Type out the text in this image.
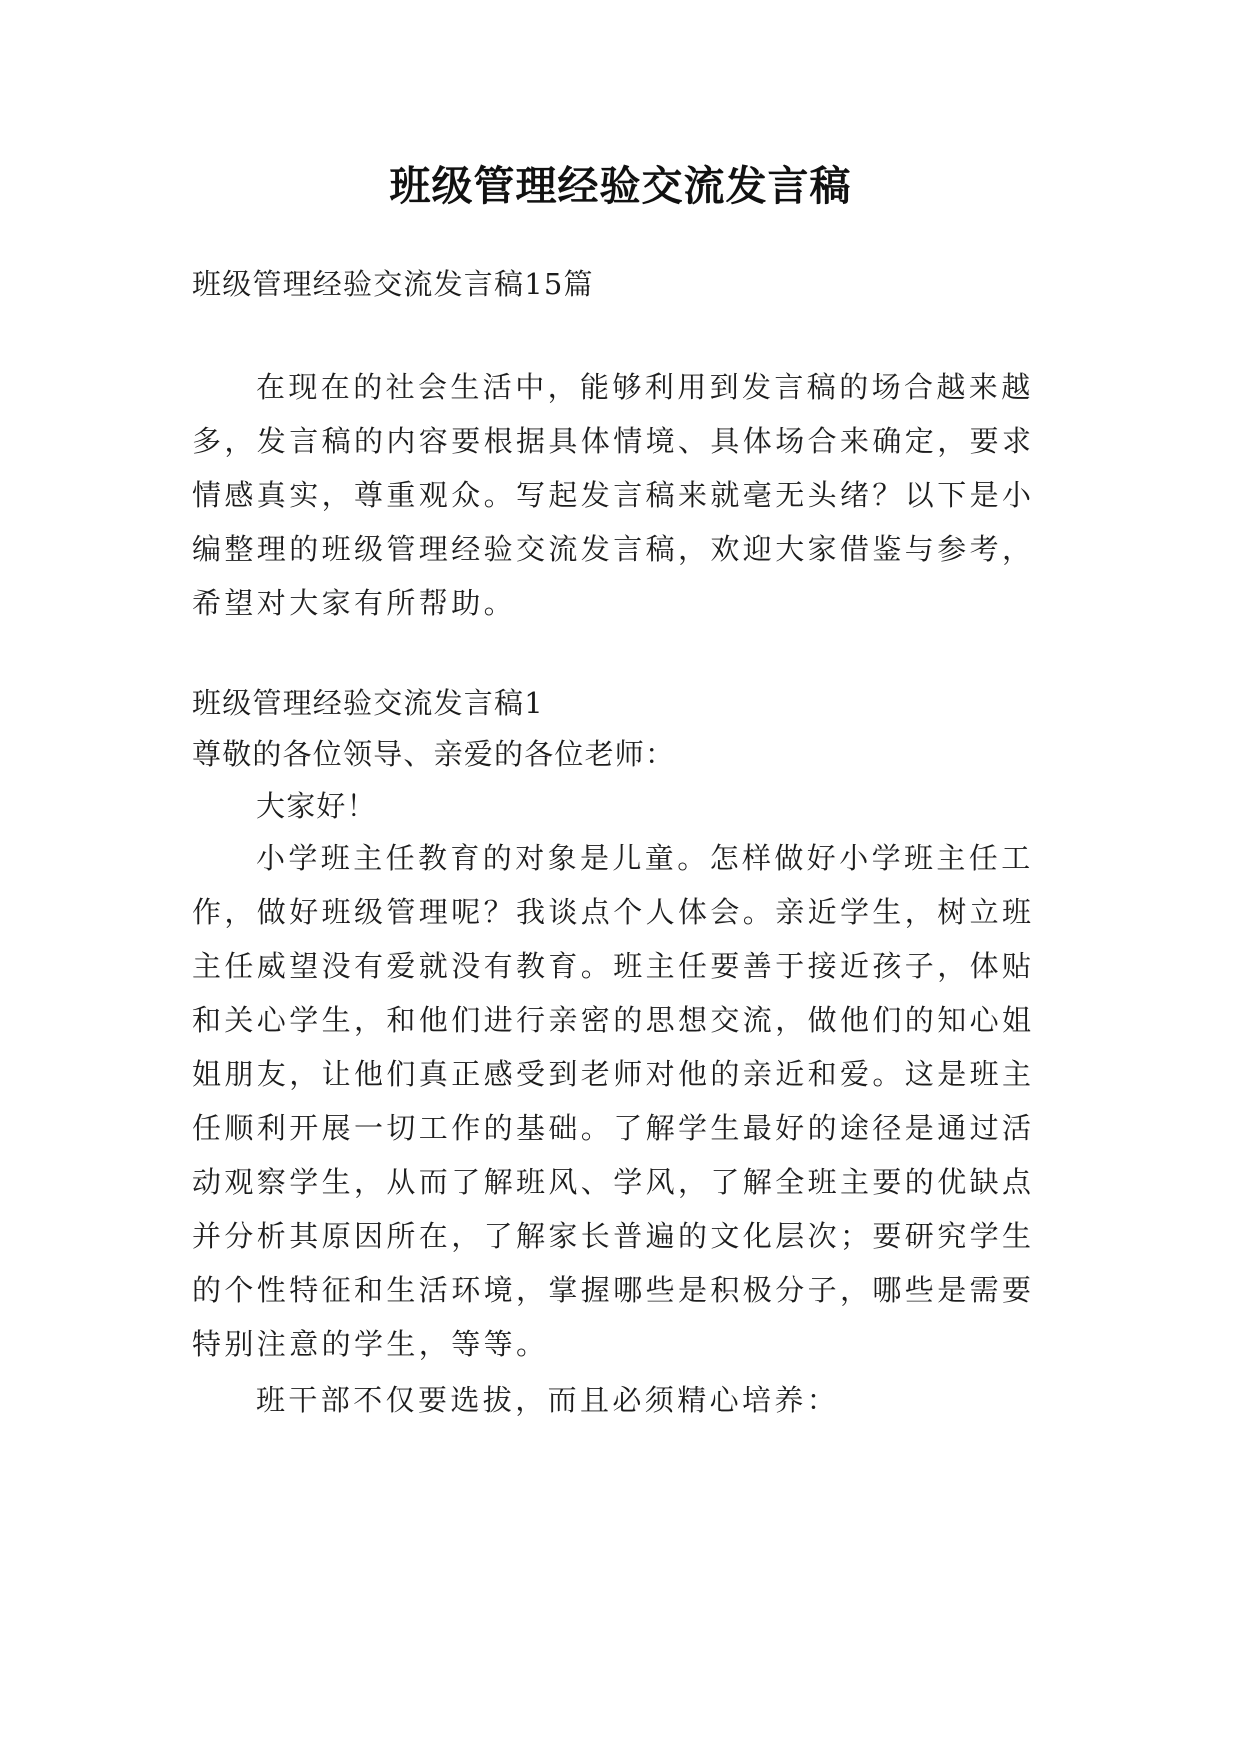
班级管理经验交流发言稿
班级管理经验交流发言稿15篇
在现在的社会生活中，能够利用到发言稿的场合越来越
多，发言稿的内容要根据具体情境、具体场合来确定，要求
情感真实，尊重观众。写起发言稿来就毫无头绪？以下是小
编整理的班级管理经验交流发言稿，欢迎大家借鉴与参考，
希望对大家有所帮助。
班级管理经验交流发言稿1
尊敬的各位领导、亲爱的各位老师：
大家好！
小学班主任教育的对象是儿童。怎样做好小学班主任工
作，做好班级管理呢？我谈点个人体会。亲近学生，树立班
主任威望没有爱就没有教育。班主任要善于接近孩子，体贴
和关心学生，和他们进行亲密的思想交流，做他们的知心姐
姐朋友，让他们真正感受到老师对他的亲近和爱。这是班主
任顺利开展一切工作的基础。了解学生最好的途径是通过活
动观察学生，从而了解班风、学风，了解全班主要的优缺点
并分析其原因所在，了解家长普遍的文化层次；要研究学生
的个性特征和生活环境，掌握哪些是积极分子，哪些是需要
特别注意的学生，等等。
班干部不仅要选拔，而且必须精心培养：
